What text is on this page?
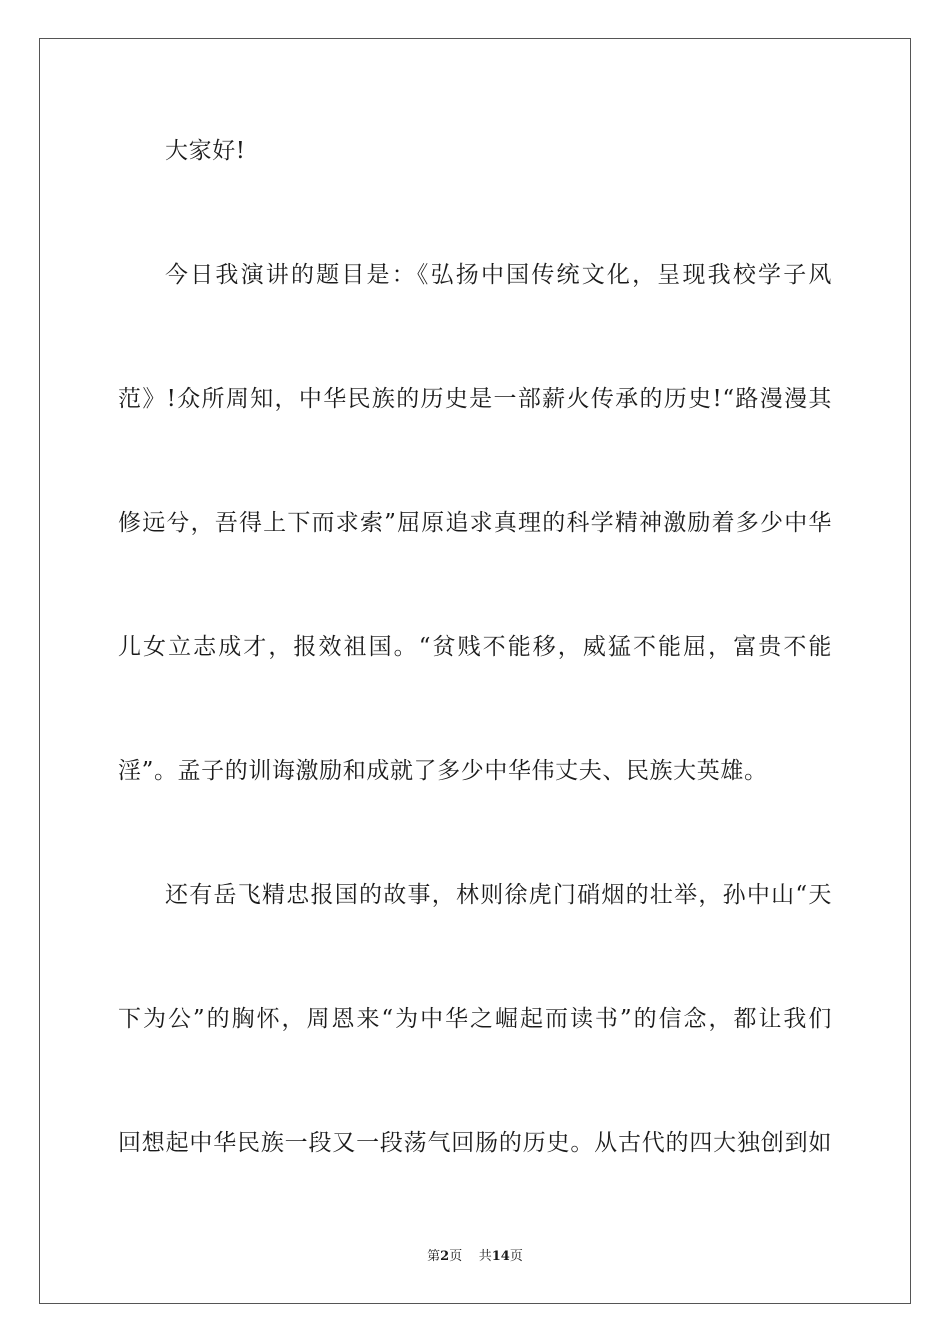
大家好!
今日我演讲的题目是：《弘扬中国传统文化，呈现我校学子风
范》!众所周知，中华民族的历史是一部薪火传承的历史!“路漫漫其
修远兮，吾得上下而求索”屈原追求真理的科学精神激励着多少中华
儿女立志成才，报效祖国。“贫贱不能移，威猛不能屈，富贵不能
淫”。孟子的训诲激励和成就了多少中华伟丈夫、民族大英雄。
还有岳飞精忠报国的故事，林则徐虎门硝烟的壮举，孙中山“天
下为公”的胸怀，周恩来“为中华之崛起而读书”的信念，都让我们
回想起中华民族一段又一段荡气回肠的历史。从古代的四大独创到如
第2页 共14页
